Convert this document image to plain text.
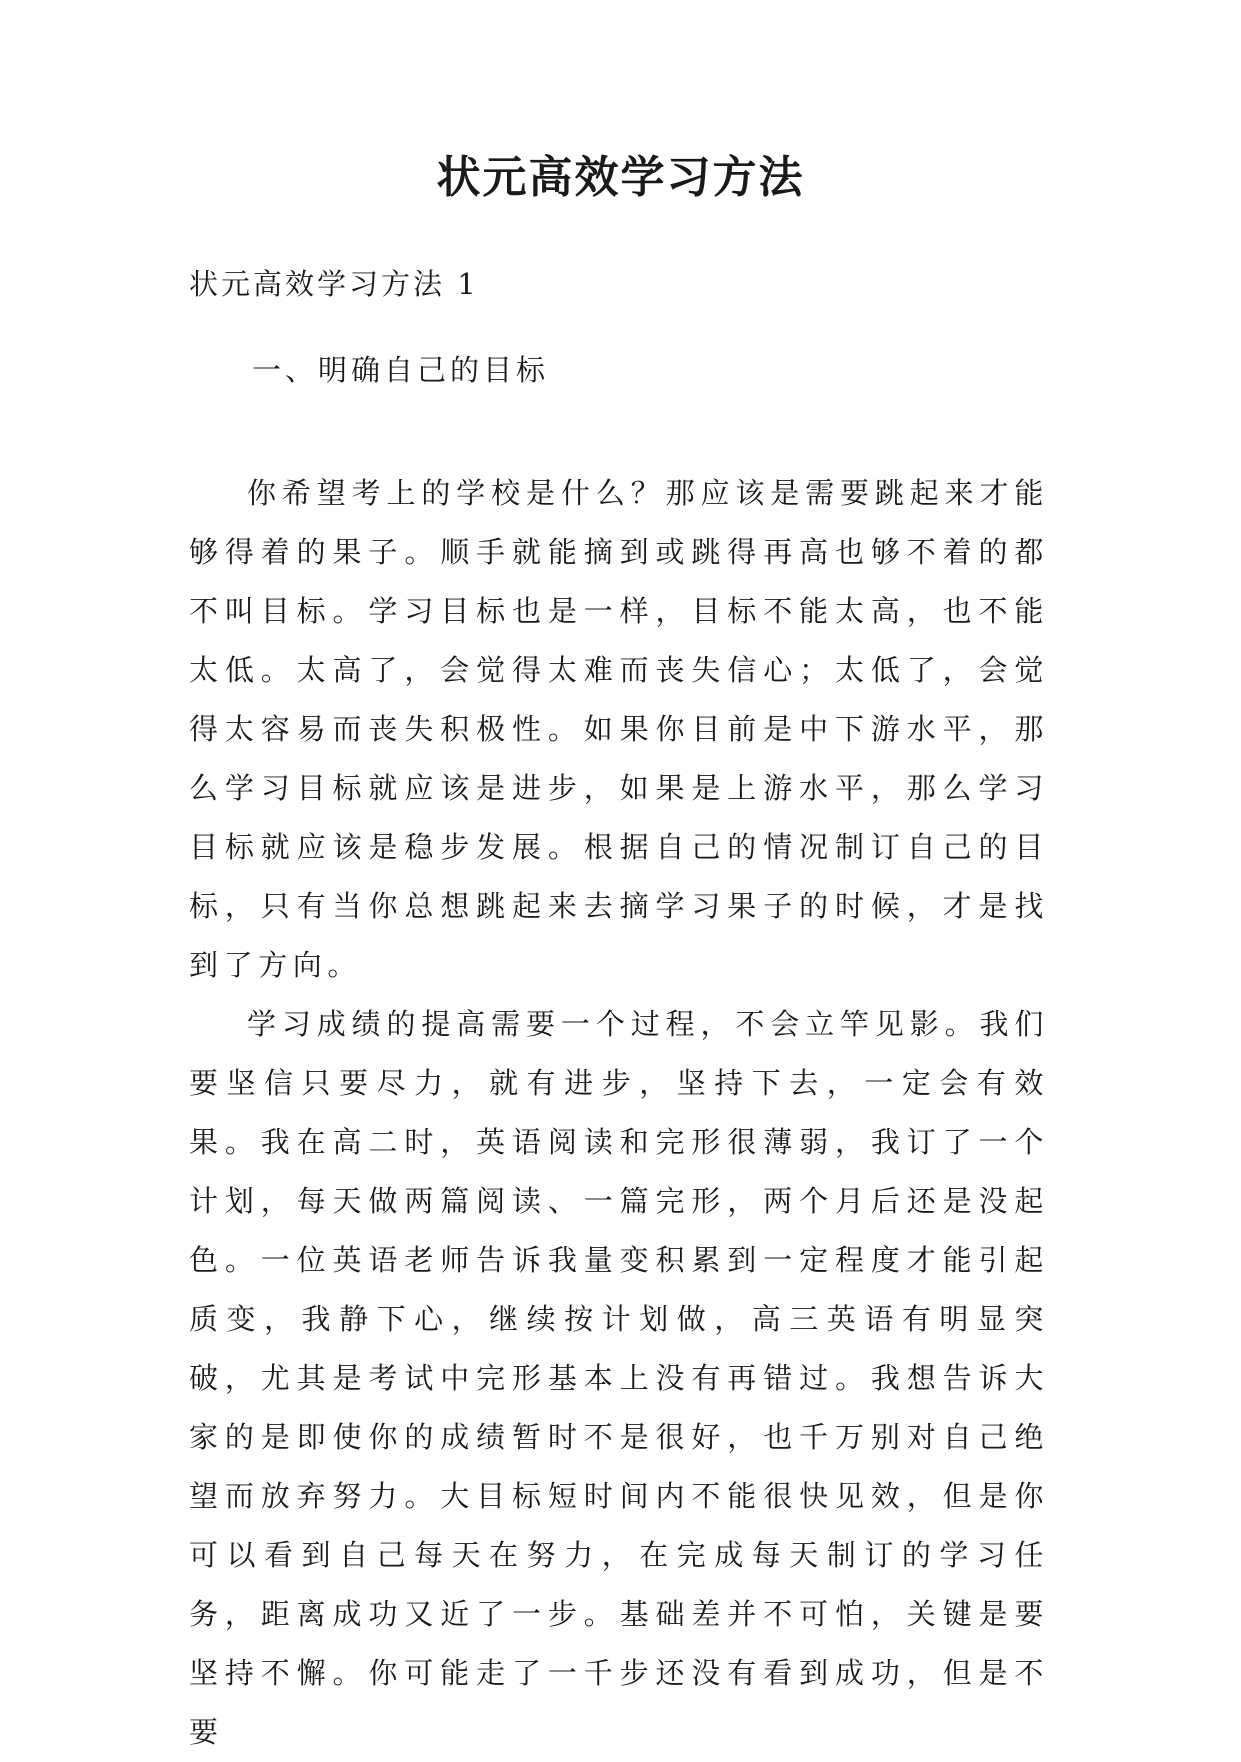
状元高效学习方法
状元高效学习方法 1
一、明确自己的目标

你希望考上的学校是什么？那应该是需要跳起来才能够得着的果子。顺手就能摘到或跳得再高也够不着的都不叫目标。学习目标也是一样，目标不能太高，也不能太低。太高了，会觉得太难而丧失信心；太低了，会觉得太容易而丧失积极性。如果你目前是中下游水平，那么学习目标就应该是进步，如果是上游水平，那么学习目标就应该是稳步发展。根据自己的情况制订自己的目标，只有当你总想跳起来去摘学习果子的时候，才是找到了方向。

学习成绩的提高需要一个过程，不会立竿见影。我们要坚信只要尽力，就有进步，坚持下去，一定会有效果。我在高二时，英语阅读和完形很薄弱，我订了一个计划，每天做两篇阅读、一篇完形，两个月后还是没起色。一位英语老师告诉我量变积累到一定程度才能引起质变，我静下心，继续按计划做，高三英语有明显突破，尤其是考试中完形基本上没有再错过。我想告诉大家的是即使你的成绩暂时不是很好，也千万别对自己绝望而放弃努力。大目标短时间内不能很快见效，但是你可以看到自己每天在努力，在完成每天制订的学习任务，距离成功又近了一步。基础差并不可怕，关键是要坚持不懈。你可能走了一千步还没有看到成功，但是不要
